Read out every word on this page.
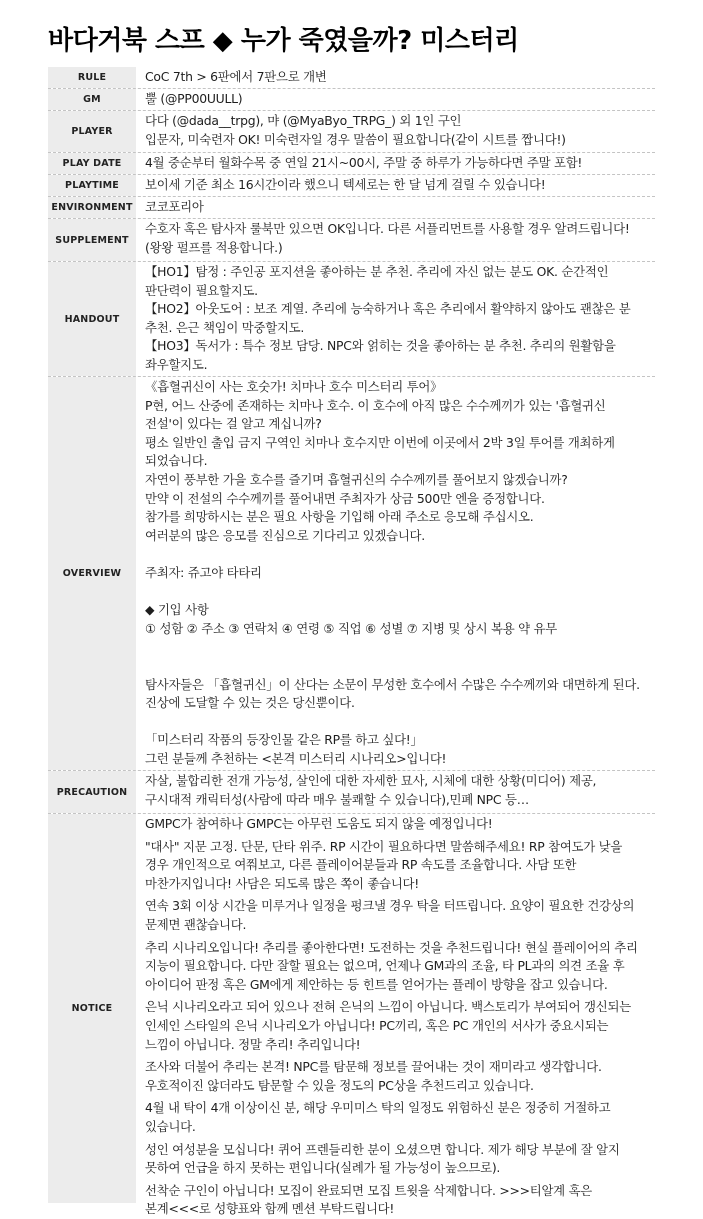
바다거북 스프 ◆ 누가 죽였을까? 미스터리
RULE	CoC 7th > 6판에서 7판으로 개변
GM	뿔 (@PP00UULL)
PLAYER
다다 (@dada__trpg), 먀 (@MyaByo_TRPG_) 외 1인 구인
입문자, 미숙련자 OK! 미숙련자일 경우 말씀이 필요합니다(같이 시트를 짭니다!)
PLAY DATE	4월 중순부터 월화수목 중 연일 21시~00시, 주말 중 하루가 가능하다면 주말 포함!
PLAYTIME	보이세 기준 최소 16시간이라 했으니 텍세로는 한 달 넘게 걸릴 수 있습니다!
ENVIRONMENT 코코포리아
SUPPLEMENT
수호자 혹은 탐사자 룰북만 있으면 OK입니다. 다른 서플리먼트를 사용할 경우 알려드립니다!
(왕왕 펄프를 적용합니다.)
HANDOUT
【HO1】탐정 : 주인공 포지션을 좋아하는 분 추천. 추리에 자신 없는 분도 OK. 순간적인
판단력이 필요할지도.
【HO2】아웃도어 : 보조 계열. 추리에 능숙하거나 혹은 추리에서 활약하지 않아도 괜찮은 분
추천. 은근 책임이 막중할지도.
【HO3】독서가 : 특수 정보 담당. NPC와 얽히는 것을 좋아하는 분 추천. 추리의 원활함을
좌우할지도.
OVERVIEW
《흡혈귀신이 사는 호숫가! 치마나 호수 미스터리 투어》
P현, 어느 산중에 존재하는 치마나 호수. 이 호수에 아직 많은 수수께끼가 있는 '흡혈귀신
전설'이 있다는 걸 알고 계십니까?
평소 일반인 출입 금지 구역인 치마나 호수지만 이번에 이곳에서 2박 3일 투어를 개최하게
되었습니다.
자연이 풍부한 가을 호수를 즐기며 흡혈귀신의 수수께끼를 풀어보지 않겠습니까?
만약 이 전설의 수수께끼를 풀어내면 주최자가 상금 500만 엔을 증정합니다.
참가를 희망하시는 분은 필요 사항을 기입해 아래 주소로 응모해 주십시오.
여러분의 많은 응모를 진심으로 기다리고 있겠습니다.
주최자: 쥬고야 타타리
◆ 기입 사항
① 성함 ② 주소 ③ 연락처 ④ 연령 ⑤ 직업 ⑥ 성별 ⑦ 지병 및 상시 복용 약 유무
탐사자들은 「흡혈귀신」이 산다는 소문이 무성한 호수에서 수많은 수수께끼와 대면하게 된다.
진상에 도달할 수 있는 것은 당신뿐이다.
「미스터리 작품의 등장인물 같은 RP를 하고 싶다!」
그런 분들께 추천하는 <본격 미스터리 시나리오>입니다!
PRECAUTION
자살, 불합리한 전개 가능성, 살인에 대한 자세한 묘사, 시체에 대한 상황(미디어) 제공,
구시대적 캐릭터성(사람에 따라 매우 불쾌할 수 있습니다),민폐 NPC 등…
NOTICE
GMPC가 참여하나 GMPC는 아무런 도움도 되지 않을 예정입니다!
"대사" 지문 고정. 단문, 단타 위주. RP 시간이 필요하다면 말씀해주세요! RP 참여도가 낮을
경우 개인적으로 여쭤보고, 다른 플레이어분들과 RP 속도를 조율합니다. 사담 또한
마찬가지입니다! 사담은 되도록 많은 쪽이 좋습니다!
연속 3회 이상 시간을 미루거나 일정을 펑크낼 경우 탁을 터뜨립니다. 요양이 필요한 건강상의
문제면 괜찮습니다.
추리 시나리오입니다! 추리를 좋아한다면! 도전하는 것을 추천드립니다! 현실 플레이어의 추리
지능이 필요합니다. 다만 잘할 필요는 없으며, 언제나 GM과의 조율, 타 PL과의 의견 조율 후
아이디어 판정 혹은 GM에게 제안하는 등 힌트를 얻어가는 플레이 방향을 잡고 있습니다.
은닉 시나리오라고 되어 있으나 전혀 은닉의 느낌이 아닙니다. 백스토리가 부여되어 갱신되는
인세인 스타일의 은닉 시나리오가 아닙니다! PC끼리, 혹은 PC 개인의 서사가 중요시되는
느낌이 아닙니다. 정말 추리! 추리입니다!
조사와 더불어 추리는 본격! NPC를 탐문해 정보를 끌어내는 것이 재미라고 생각합니다.
우호적이진 않더라도 탐문할 수 있을 정도의 PC상을 추천드리고 있습니다.
4월 내 탁이 4개 이상이신 분, 해당 우미미스 탁의 일정도 위험하신 분은 정중히 거절하고
있습니다.
성인 여성분을 모십니다! 퀴어 프렌들리한 분이 오셨으면 합니다. 제가 해당 부분에 잘 알지
못하여 언급을 하지 못하는 편입니다(실례가 될 가능성이 높으므로).
선착순 구인이 아닙니다! 모집이 완료되면 모집 트윗을 삭제합니다. >>>티알계 혹은
본계<<<로 성향표와 함께 멘션 부탁드립니다!
